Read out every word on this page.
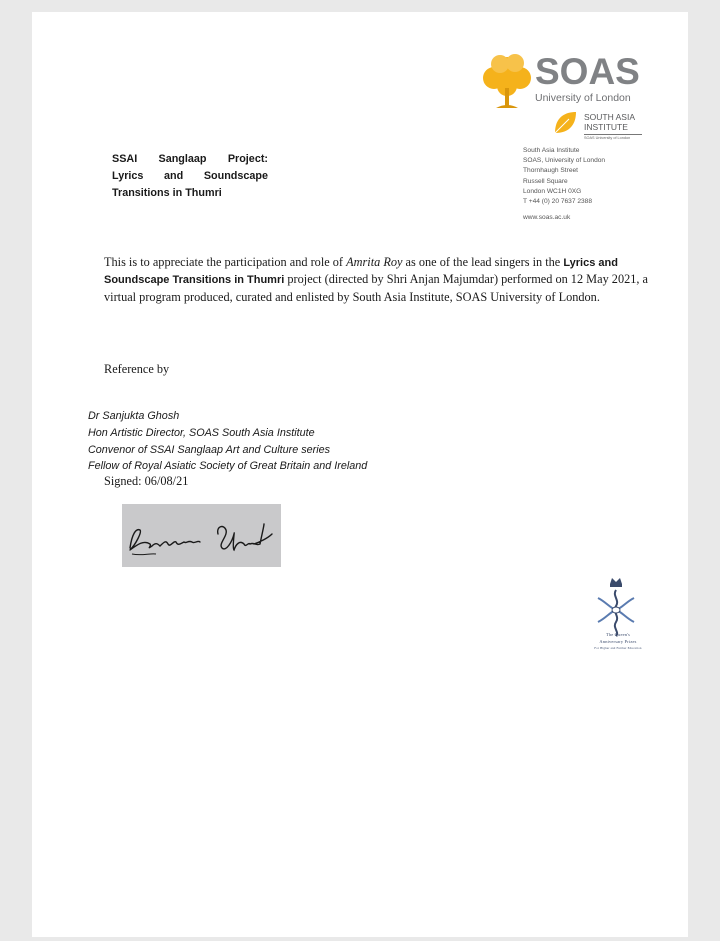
SOAS
University of London
SOUTH ASIA
INSTITUTE
SOAS University of London
South Asia Institute
SOAS, University of London
Thornhaugh Street
Russell Square
London WC1H 0XG
T +44 (0) 20 7637 2388
www.soas.ac.uk
SSAI Sanglaap Project:
Lyrics and Soundscape
Transitions in Thumri
This is to appreciate the participation and role of Amrita Roy as one of the lead singers in the Lyrics and Soundscape Transitions in Thumri project (directed by Shri Anjan Majumdar) performed on 12 May 2021, a virtual program produced, curated and enlisted by South Asia Institute, SOAS University of London.
Reference by
Dr Sanjukta Ghosh
Hon Artistic Director, SOAS South Asia Institute
Convenor of SSAI Sanglaap Art and Culture series
Fellow of Royal Asiatic Society of Great Britain and Ireland
Signed: 06/08/21
The Queen's
Anniversary Prizes
For Higher and Further Education
